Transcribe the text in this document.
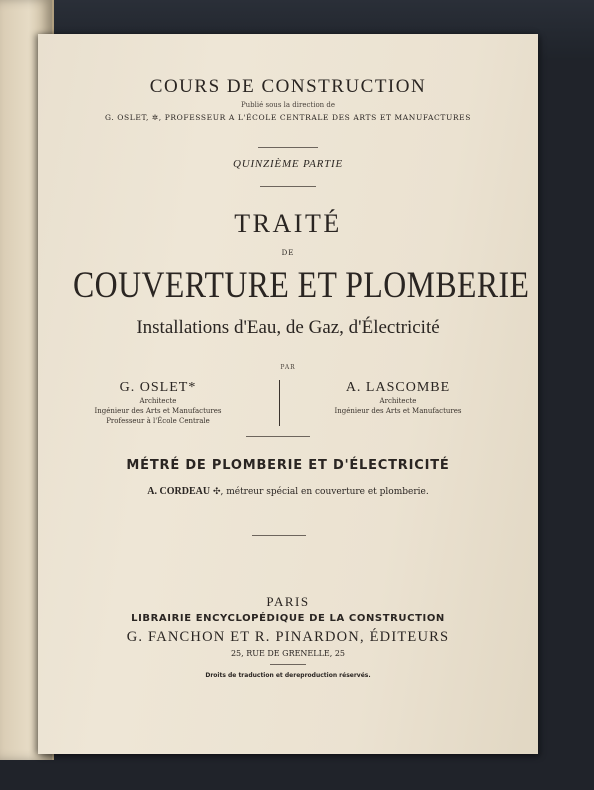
COURS DE CONSTRUCTION
Publié sous la direction de
G. OSLET, ✲, PROFESSEUR A L'ÉCOLE CENTRALE DES ARTS ET MANUFACTURES
QUINZIÈME PARTIE
TRAITÉ
DE
COUVERTURE ET PLOMBERIE
Installations d'Eau, de Gaz, d'Électricité
PAR
G. OSLET*
Architecte
Ingénieur des Arts et Manufactures
Professeur à l'École Centrale
A. LASCOMBE
Architecte
Ingénieur des Arts et Manufactures
MÉTRÉ DE PLOMBERIE ET D'ÉLECTRICITÉ
A. CORDEAU ✣, métreur spécial en couverture et plomberie.
PARIS
LIBRAIRIE ENCYCLOPÉDIQUE DE LA CONSTRUCTION
G. FANCHON ET R. PINARDON, ÉDITEURS
25, RUE DE GRENELLE, 25
Droits de traduction et dereproduction réservés.
